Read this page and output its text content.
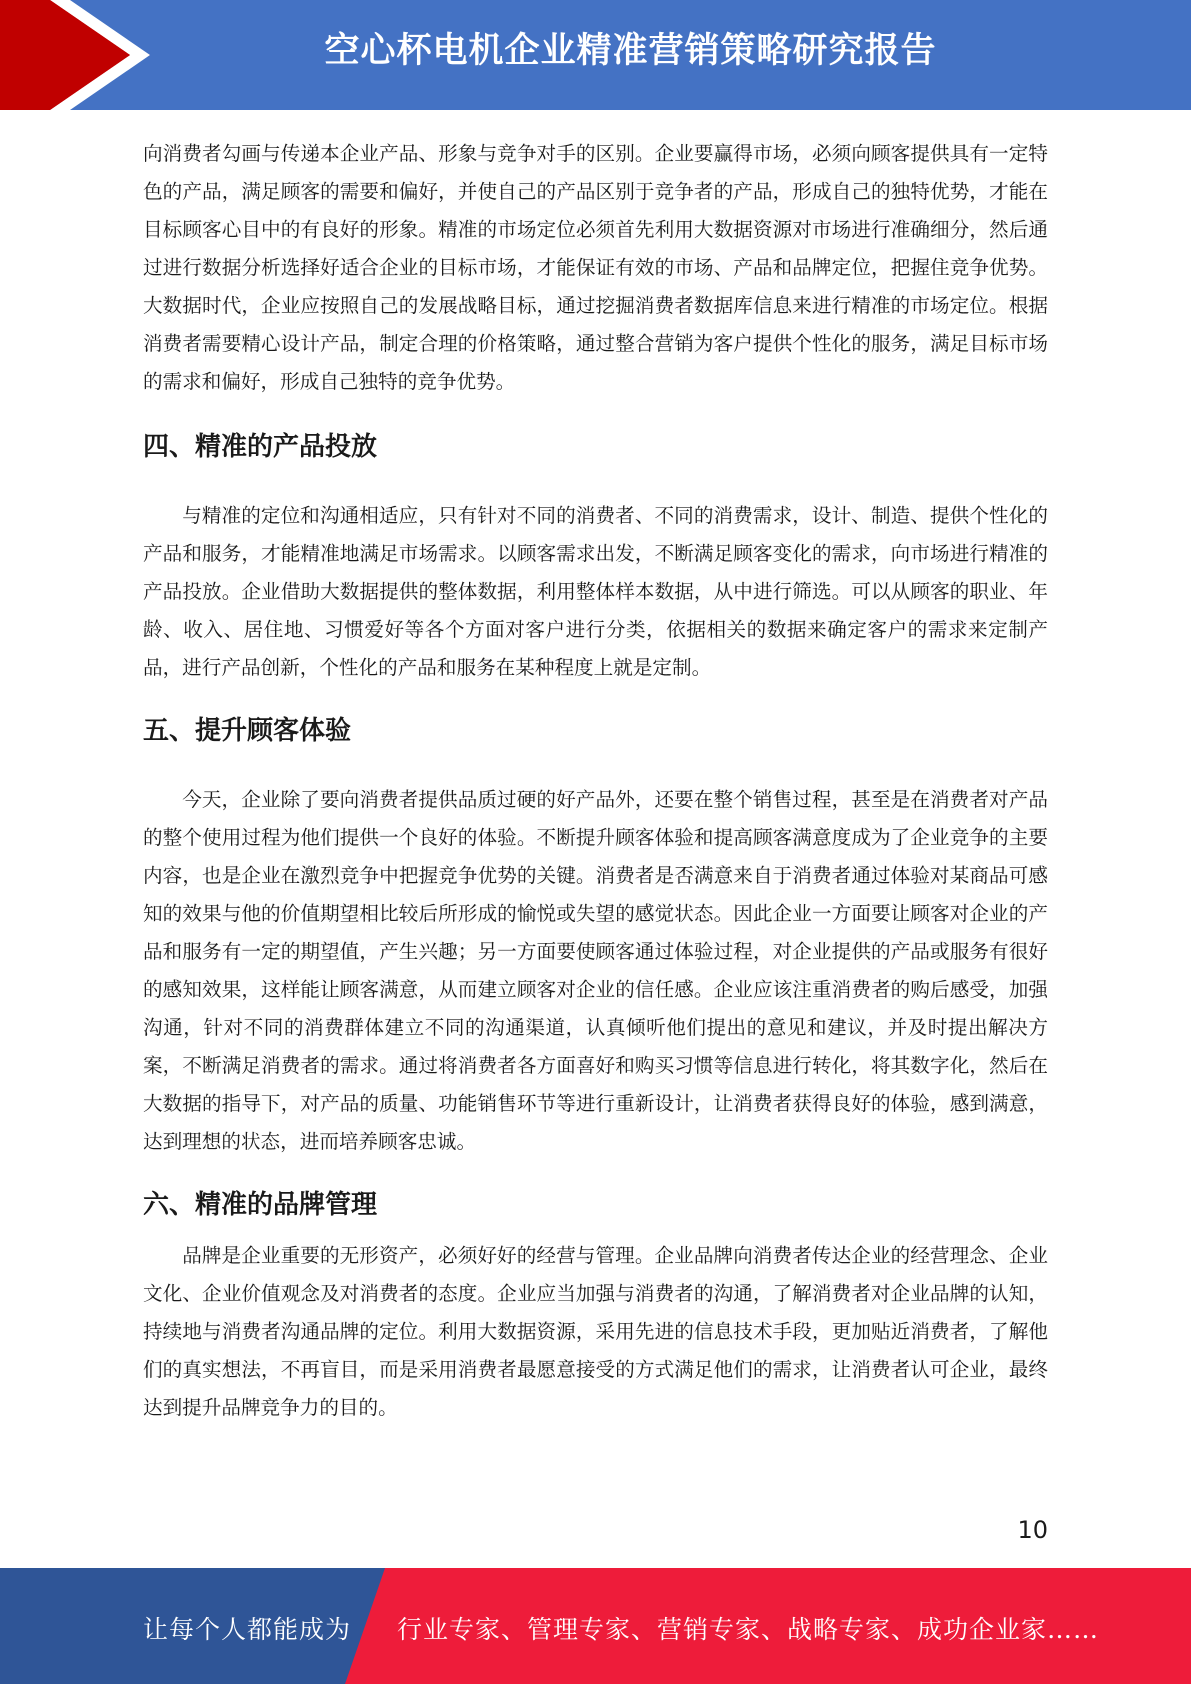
空心杯电机企业精准营销策略研究报告

向消费者勾画与传递本企业产品、形象与竞争对手的区别。企业要赢得市场，必须向顾客提供具有一定特色的产品，满足顾客的需要和偏好，并使自己的产品区别于竞争者的产品，形成自己的独特优势，才能在目标顾客心目中的有良好的形象。精准的市场定位必须首先利用大数据资源对市场进行准确细分，然后通过进行数据分析选择好适合企业的目标市场，才能保证有效的市场、产品和品牌定位，把握住竞争优势。大数据时代，企业应按照自己的发展战略目标，通过挖掘消费者数据库信息来进行精准的市场定位。根据消费者需要精心设计产品，制定合理的价格策略，通过整合营销为客户提供个性化的服务，满足目标市场的需求和偏好，形成自己独特的竞争优势。

四、精准的产品投放

与精准的定位和沟通相适应，只有针对不同的消费者、不同的消费需求，设计、制造、提供个性化的产品和服务，才能精准地满足市场需求。以顾客需求出发，不断满足顾客变化的需求，向市场进行精准的产品投放。企业借助大数据提供的整体数据，利用整体样本数据，从中进行筛选。可以从顾客的职业、年龄、收入、居住地、习惯爱好等各个方面对客户进行分类，依据相关的数据来确定客户的需求来定制产品，进行产品创新，个性化的产品和服务在某种程度上就是定制。

五、提升顾客体验

今天，企业除了要向消费者提供品质过硬的好产品外，还要在整个销售过程，甚至是在消费者对产品的整个使用过程为他们提供一个良好的体验。不断提升顾客体验和提高顾客满意度成为了企业竞争的主要内容，也是企业在激烈竞争中把握竞争优势的关键。消费者是否满意来自于消费者通过体验对某商品可感知的效果与他的价值期望相比较后所形成的愉悦或失望的感觉状态。因此企业一方面要让顾客对企业的产品和服务有一定的期望值，产生兴趣；另一方面要使顾客通过体验过程，对企业提供的产品或服务有很好的感知效果，这样能让顾客满意，从而建立顾客对企业的信任感。企业应该注重消费者的购后感受，加强沟通，针对不同的消费群体建立不同的沟通渠道，认真倾听他们提出的意见和建议，并及时提出解决方案，不断满足消费者的需求。通过将消费者各方面喜好和购买习惯等信息进行转化，将其数字化，然后在大数据的指导下，对产品的质量、功能销售环节等进行重新设计，让消费者获得良好的体验，感到满意，达到理想的状态，进而培养顾客忠诚。

六、精准的品牌管理

品牌是企业重要的无形资产，必须好好的经营与管理。企业品牌向消费者传达企业的经营理念、企业文化、企业价值观念及对消费者的态度。企业应当加强与消费者的沟通，了解消费者对企业品牌的认知，持续地与消费者沟通品牌的定位。利用大数据资源，采用先进的信息技术手段，更加贴近消费者，了解他们的真实想法，不再盲目，而是采用消费者最愿意接受的方式满足他们的需求，让消费者认可企业，最终达到提升品牌竞争力的目的。

10
让每个人都能成为 行业专家、管理专家、营销专家、战略专家、成功企业家……
